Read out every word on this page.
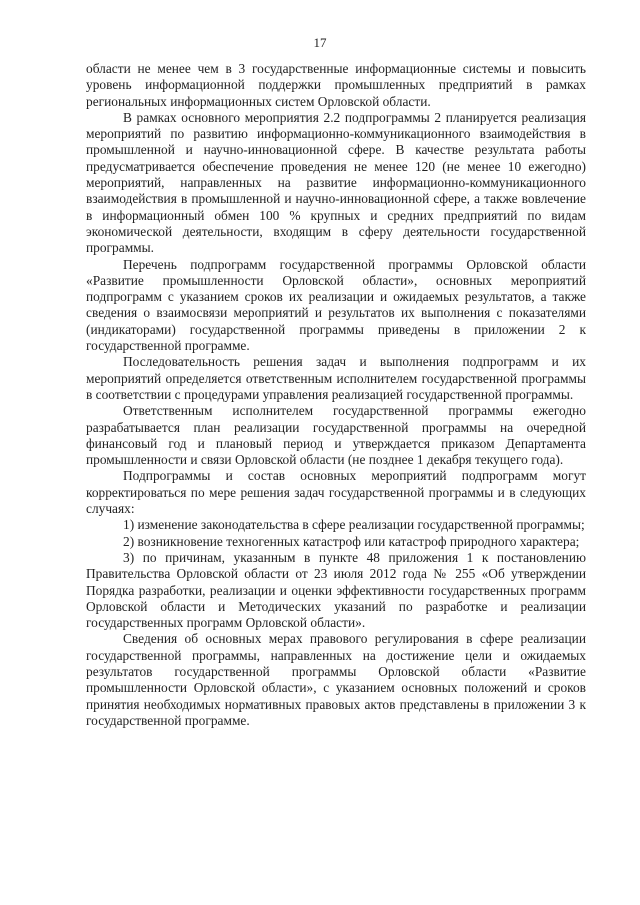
17

области не менее чем в 3 государственные информационные системы и повысить уровень информационной поддержки промышленных предприятий в рамках региональных информационных систем Орловской области.

В рамках основного мероприятия 2.2 подпрограммы 2 планируется реализация мероприятий по развитию информационно-коммуникационного взаимодействия в промышленной и научно-инновационной сфере. В качестве результата работы предусматривается обеспечение проведения не менее 120 (не менее 10 ежегодно) мероприятий, направленных на развитие информационно-коммуникационного взаимодействия в промышленной и научно-инновационной сфере, а также вовлечение в информационный обмен 100 % крупных и средних предприятий по видам экономической деятельности, входящим в сферу деятельности государственной программы.

Перечень подпрограмм государственной программы Орловской области «Развитие промышленности Орловской области», основных мероприятий подпрограмм с указанием сроков их реализации и ожидаемых результатов, а также сведения о взаимосвязи мероприятий и результатов их выполнения с показателями (индикаторами) государственной программы приведены в приложении 2 к государственной программе.

Последовательность решения задач и выполнения подпрограмм и их мероприятий определяется ответственным исполнителем государственной программы в соответствии с процедурами управления реализацией государственной программы.

Ответственным исполнителем государственной программы ежегодно разрабатывается план реализации государственной программы на очередной финансовый год и плановый период и утверждается приказом Департамента промышленности и связи Орловской области (не позднее 1 декабря текущего года).

Подпрограммы и состав основных мероприятий подпрограмм могут корректироваться по мере решения задач государственной программы и в следующих случаях:

1) изменение законодательства в сфере реализации государственной программы;

2) возникновение техногенных катастроф или катастроф природного характера;

3) по причинам, указанным в пункте 48 приложения 1 к постановлению Правительства Орловской области от 23 июля 2012 года № 255 «Об утверждении Порядка разработки, реализации и оценки эффективности государственных программ Орловской области и Методических указаний по разработке и реализации государственных программ Орловской области».

Сведения об основных мерах правового регулирования в сфере реализации государственной программы, направленных на достижение цели и ожидаемых результатов государственной программы Орловской области «Развитие промышленности Орловской области», с указанием основных положений и сроков принятия необходимых нормативных правовых актов представлены в приложении 3 к государственной программе.
